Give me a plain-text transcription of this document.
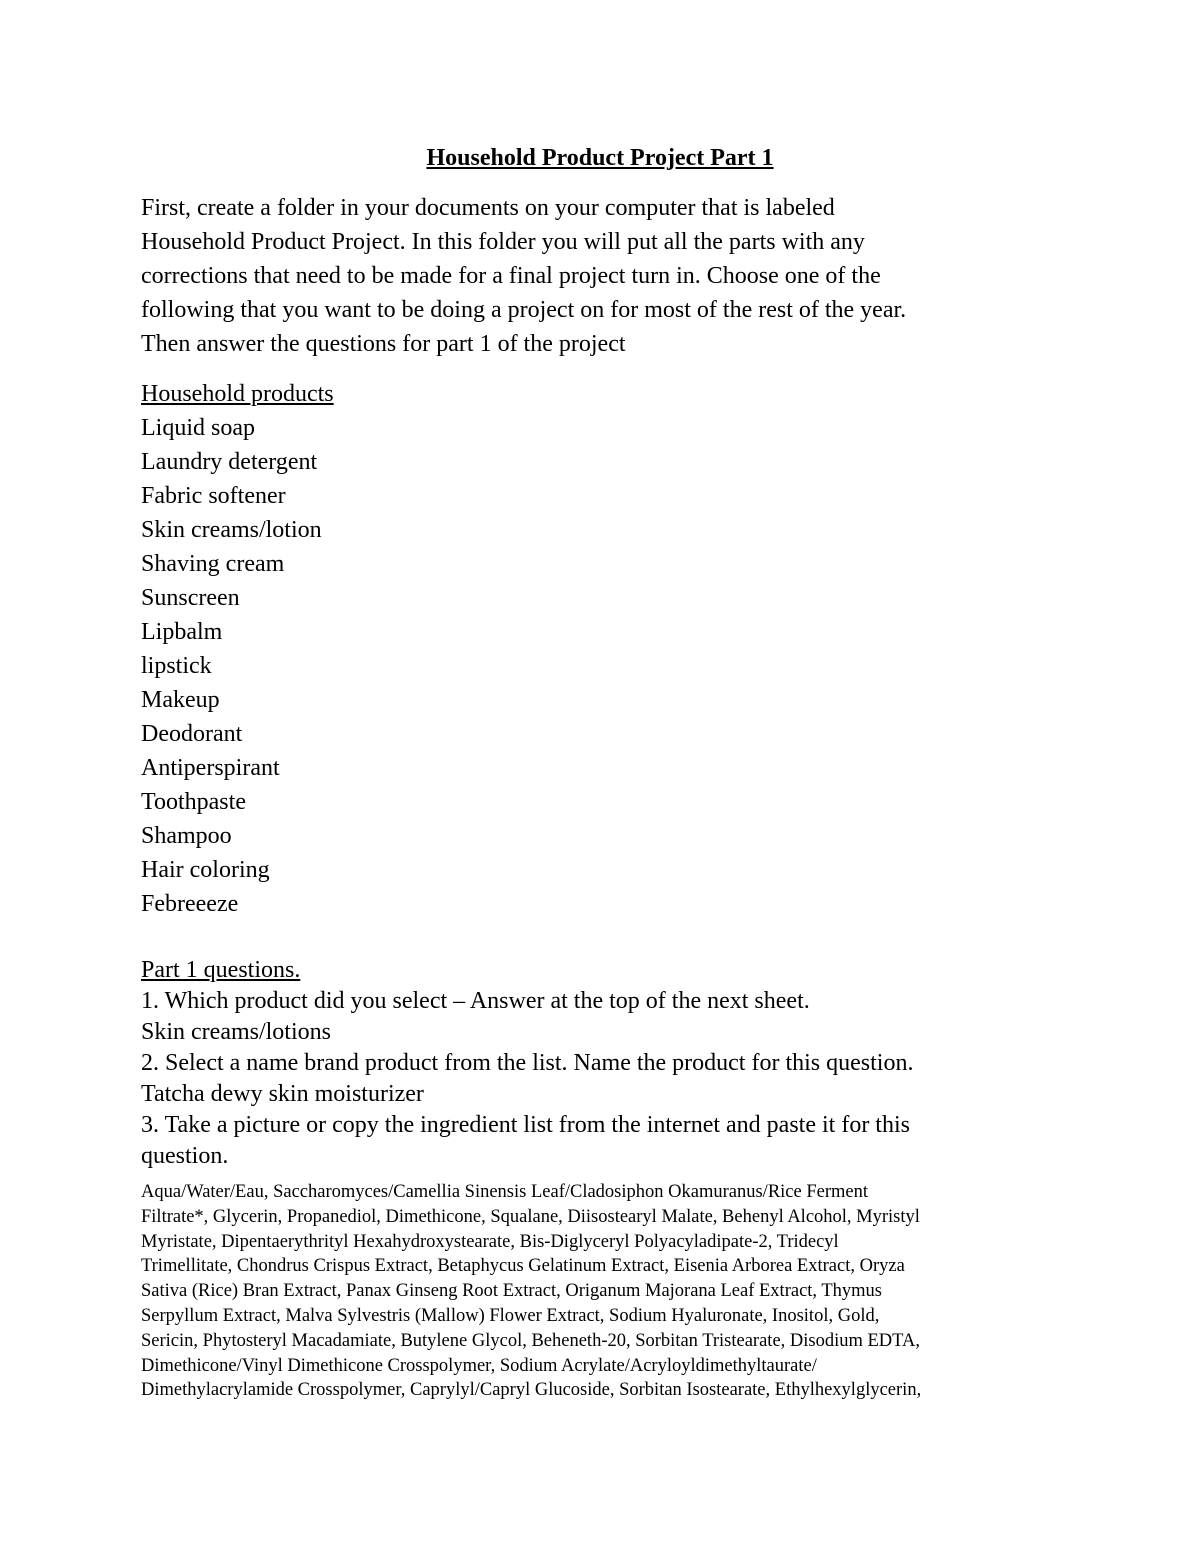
Household Product Project Part 1
First, create a folder in your documents on your computer that is labeled
Household Product Project. In this folder you will put all the parts with any
corrections that need to be made for a final project turn in. Choose one of the
following that you want to be doing a project on for most of the rest of the year.
Then answer the questions for part 1 of the project
Household products
Liquid soap
Laundry detergent
Fabric softener
Skin creams/lotion
Shaving cream
Sunscreen
Lipbalm
lipstick
Makeup
Deodorant
Antiperspirant
Toothpaste
Shampoo
Hair coloring
Febreeeze
Part 1 questions.
1. Which product did you select – Answer at the top of the next sheet.
Skin creams/lotions
2. Select a name brand product from the list. Name the product for this question.
Tatcha dewy skin moisturizer
3. Take a picture or copy the ingredient list from the internet and paste it for this
question.
Aqua/Water/Eau, Saccharomyces/Camellia Sinensis Leaf/Cladosiphon Okamuranus/Rice Ferment
Filtrate*, Glycerin, Propanediol, Dimethicone, Squalane, Diisostearyl Malate, Behenyl Alcohol, Myristyl
Myristate, Dipentaerythrityl Hexahydroxystearate, Bis-Diglyceryl Polyacyladipate-2, Tridecyl
Trimellitate, Chondrus Crispus Extract, Betaphycus Gelatinum Extract, Eisenia Arborea Extract, Oryza
Sativa (Rice) Bran Extract, Panax Ginseng Root Extract, Origanum Majorana Leaf Extract, Thymus
Serpyllum Extract, Malva Sylvestris (Mallow) Flower Extract, Sodium Hyaluronate, Inositol, Gold,
Sericin, Phytosteryl Macadamiate, Butylene Glycol, Beheneth-20, Sorbitan Tristearate, Disodium EDTA,
Dimethicone/Vinyl Dimethicone Crosspolymer, Sodium Acrylate/Acryloyldimethyltaurate/
Dimethylacrylamide Crosspolymer, Caprylyl/Capryl Glucoside, Sorbitan Isostearate, Ethylhexylglycerin,
